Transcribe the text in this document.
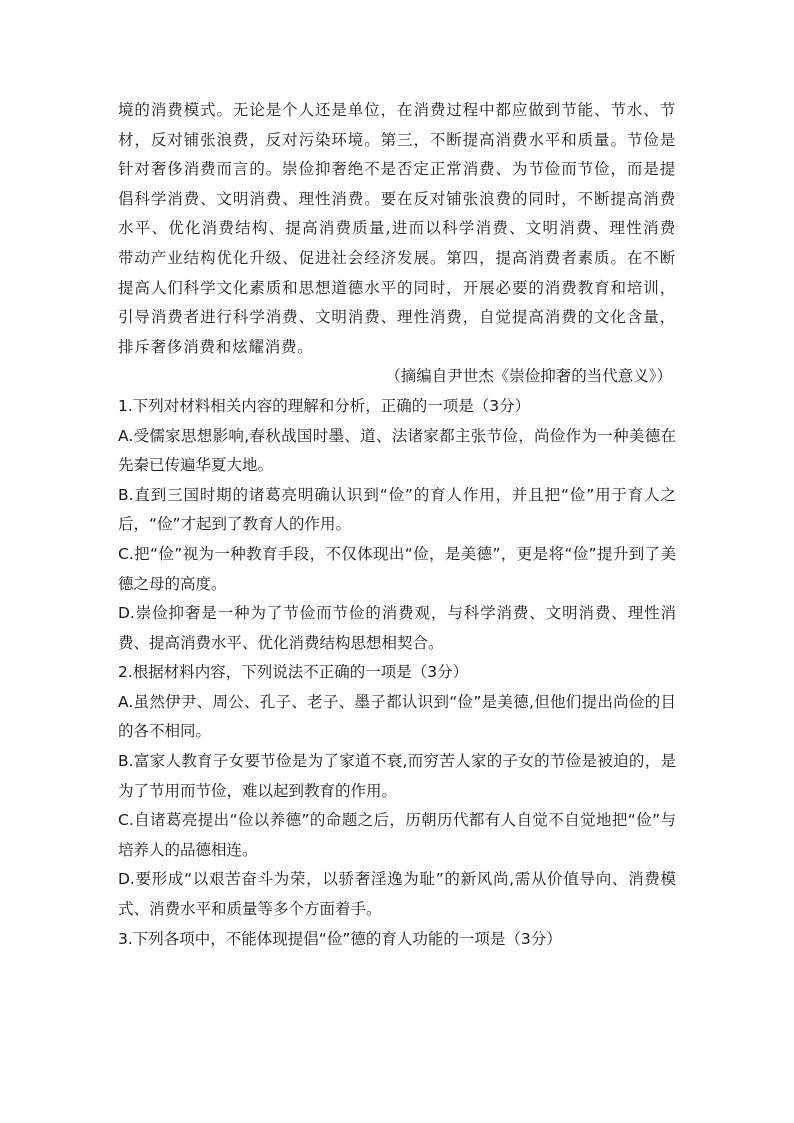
境的消费模式。无论是个人还是单位，在消费过程中都应做到节能、节水、节材，反对铺张浪费，反对污染环境。第三，不断提高消费水平和质量。节俭是针对奢侈消费而言的。崇俭抑奢绝不是否定正常消费、为节俭而节俭，而是提倡科学消费、文明消费、理性消费。要在反对铺张浪费的同时，不断提高消费水平、优化消费结构、提高消费质量,进而以科学消费、文明消费、理性消费带动产业结构优化升级、促进社会经济发展。第四，提高消费者素质。在不断提高人们科学文化素质和思想道德水平的同时，开展必要的消费教育和培训，引导消费者进行科学消费、文明消费、理性消费，自觉提高消费的文化含量，排斥奢侈消费和炫耀消费。

（摘编自尹世杰《崇俭抑奢的当代意义》）

1.下列对材料相关内容的理解和分析，正确的一项是（3分）

A.受儒家思想影响,春秋战国时墨、道、法诸家都主张节俭，尚俭作为一种美德在先秦已传遍华夏大地。

B.直到三国时期的诸葛亮明确认识到“俭”的育人作用，并且把“俭”用于育人之后，“俭”才起到了教育人的作用。

C.把“俭”视为一种教育手段，不仅体现出“俭，是美德”，更是将“俭”提升到了美德之母的高度。

D.崇俭抑奢是一种为了节俭而节俭的消费观，与科学消费、文明消费、理性消费、提高消费水平、优化消费结构思想相契合。

2.根据材料内容，下列说法不正确的一项是（3分）

A.虽然伊尹、周公、孔子、老子、墨子都认识到“俭”是美德,但他们提出尚俭的目的各不相同。

B.富家人教育子女要节俭是为了家道不衰,而穷苦人家的子女的节俭是被迫的，是为了节用而节俭，难以起到教育的作用。

C.自诸葛亮提出“俭以养德”的命题之后，历朝历代都有人自觉不自觉地把“俭”与培养人的品德相连。

D.要形成“以艰苦奋斗为荣，以骄奢淫逸为耻”的新风尚,需从价值导向、消费模式、消费水平和质量等多个方面着手。

3.下列各项中，不能体现提倡“俭”德的育人功能的一项是（3分）
